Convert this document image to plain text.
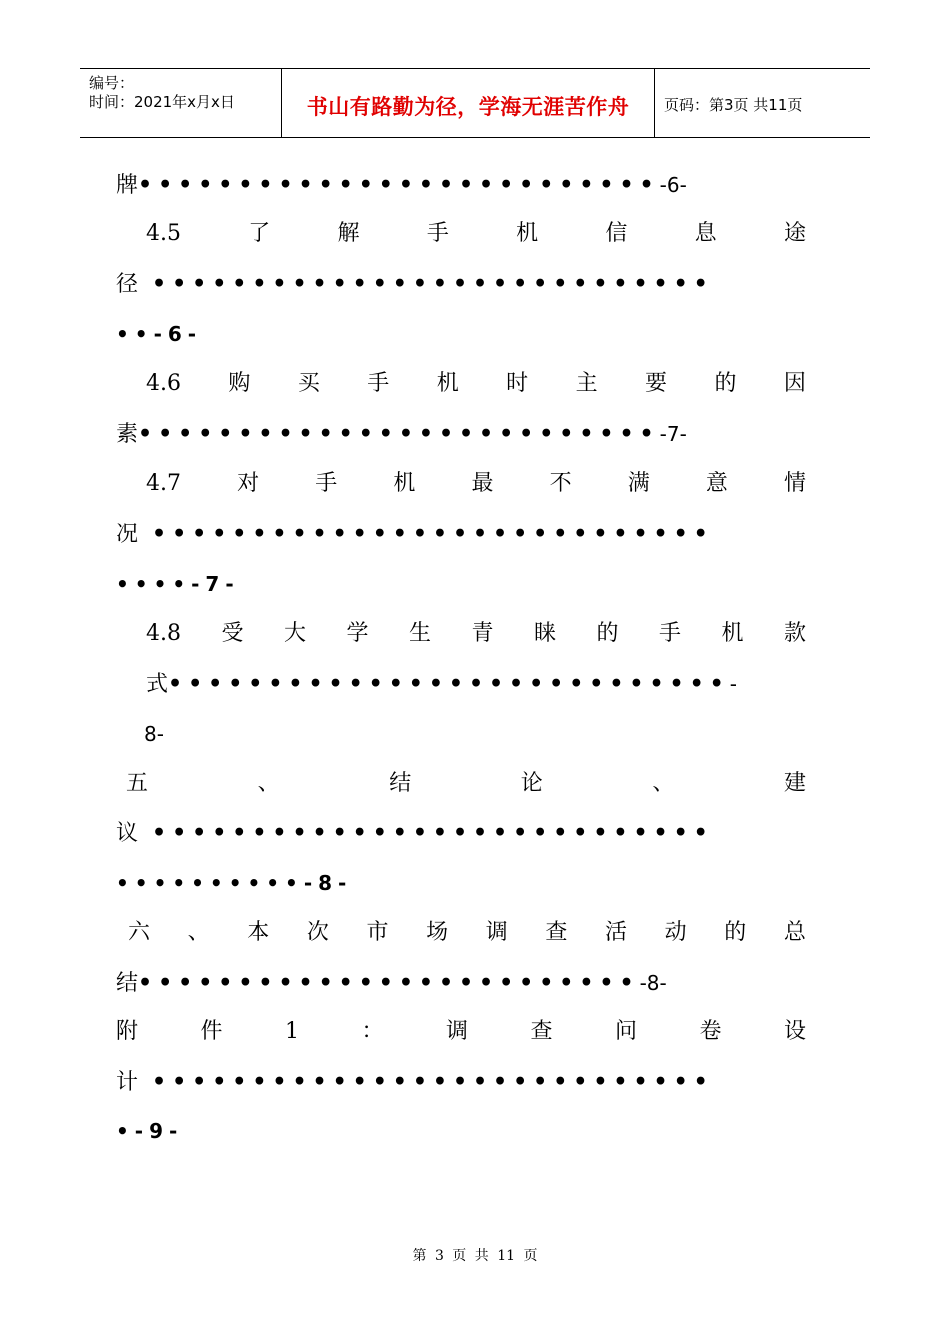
编号：
时间：2021年x月x日	书山有路勤为径，学海无涯苦作舟	页码：第3页 共11页
牌••••••••••••••••••••••••••-6-
4.5	了	解	手	机	信	息	途
径 ••••••••••••••••••••••••••••
••-6-
4.6 购 买 手 机 时 主 要 的 因
素••••••••••••••••••••••••••-7-
4.7	对	手	机	最	不	满	意	情
况 ••••••••••••••••••••••••••••
••••-7-
4.8 受 大 学 生 青 睐 的 手 机 款
式••••••••••••••••••••••••••••-
8-
五	、	结	论	、	建
议 ••••••••••••••••••••••••••••
••••••••••-8-
六 、 本 次 市 场 调 查 活 动 的 总
结•••••••••••••••••••••••••-8-
附	件	1	：	调	查	问	卷	设
计 ••••••••••••••••••••••••••••
•-9-
第 3 页 共 11 页
